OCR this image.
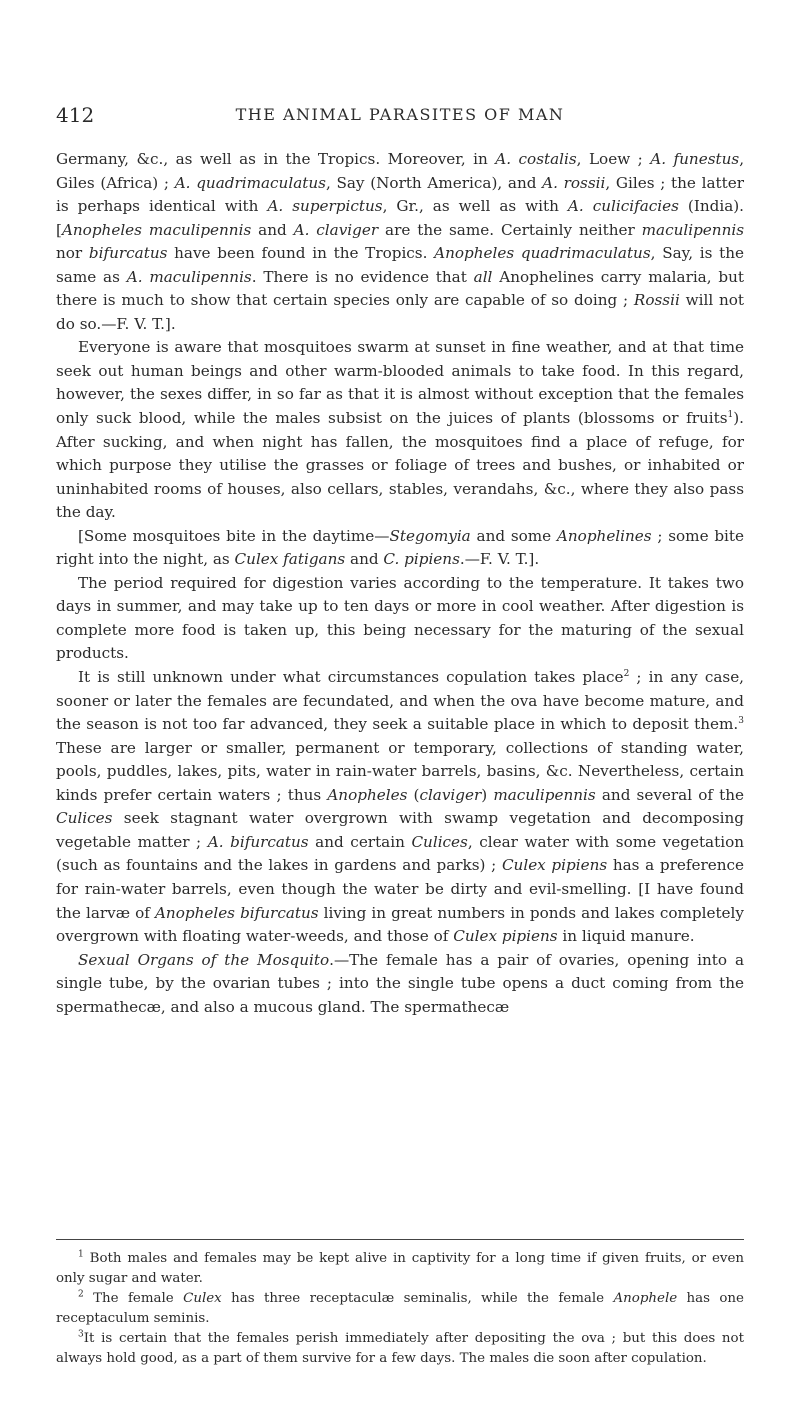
412	THE ANIMAL PARASITES OF MAN

Germany, &c., as well as in the Tropics. Moreover, in A. costalis, Loew ; A. funestus, Giles (Africa) ; A. quadrimaculatus, Say (North America), and A. rossii, Giles ; the latter is perhaps identical with A. superpictus, Gr., as well as with A. culicifacies (India). [Anopheles maculipennis and A. claviger are the same. Certainly neither maculipennis nor bifurcatus have been found in the Tropics. Anopheles quadrimaculatus, Say, is the same as A. maculipennis. There is no evidence that all Anophelines carry malaria, but there is much to show that certain species only are capable of so doing ; Rossii will not do so.—F. V. T.].

Everyone is aware that mosquitoes swarm at sunset in fine weather, and at that time seek out human beings and other warm-blooded animals to take food. In this regard, however, the sexes differ, in so far as that it is almost without exception that the females only suck blood, while the males subsist on the juices of plants (blossoms or fruits$^1$). After sucking, and when night has fallen, the mosquitoes find a place of refuge, for which purpose they utilise the grasses or foliage of trees and bushes, or inhabited or uninhabited rooms of houses, also cellars, stables, verandahs, &c., where they also pass the day.

[Some mosquitoes bite in the daytime—Stegomyia and some Anophelines ; some bite right into the night, as Culex fatigans and C. pipiens.—F. V. T.].

The period required for digestion varies according to the temperature. It takes two days in summer, and may take up to ten days or more in cool weather. After digestion is complete more food is taken up, this being necessary for the maturing of the sexual products.

It is still unknown under what circumstances copulation takes place$^2$ ; in any case, sooner or later the females are fecundated, and when the ova have become mature, and the season is not too far advanced, they seek a suitable place in which to deposit them.$^3$ These are larger or smaller, permanent or temporary, collections of standing water, pools, puddles, lakes, pits, water in rain-water barrels, basins, &c. Nevertheless, certain kinds prefer certain waters ; thus Anopheles (claviger) maculipennis and several of the Culices seek stagnant water overgrown with swamp vegetation and decomposing vegetable matter ; A. bifurcatus and certain Culices, clear water with some vegetation (such as fountains and the lakes in gardens and parks) ; Culex pipiens has a preference for rain-water barrels, even though the water be dirty and evil-smelling. [I have found the larvæ of Anopheles bifurcatus living in great numbers in ponds and lakes completely overgrown with floating water-weeds, and those of Culex pipiens in liquid manure.

Sexual Organs of the Mosquito.—The female has a pair of ovaries, opening into a single tube, by the ovarian tubes ; into the single tube opens a duct coming from the spermathecæ, and also a mucous gland. The spermathecæ

$^1$ Both males and females may be kept alive in captivity for a long time if given fruits, or even only sugar and water.

$^2$ The female Culex has three receptaculæ seminalis, while the female Anophele has one receptaculum seminis.

$^3$It is certain that the females perish immediately after depositing the ova ; but this does not always hold good, as a part of them survive for a few days. The males die soon after copulation.
